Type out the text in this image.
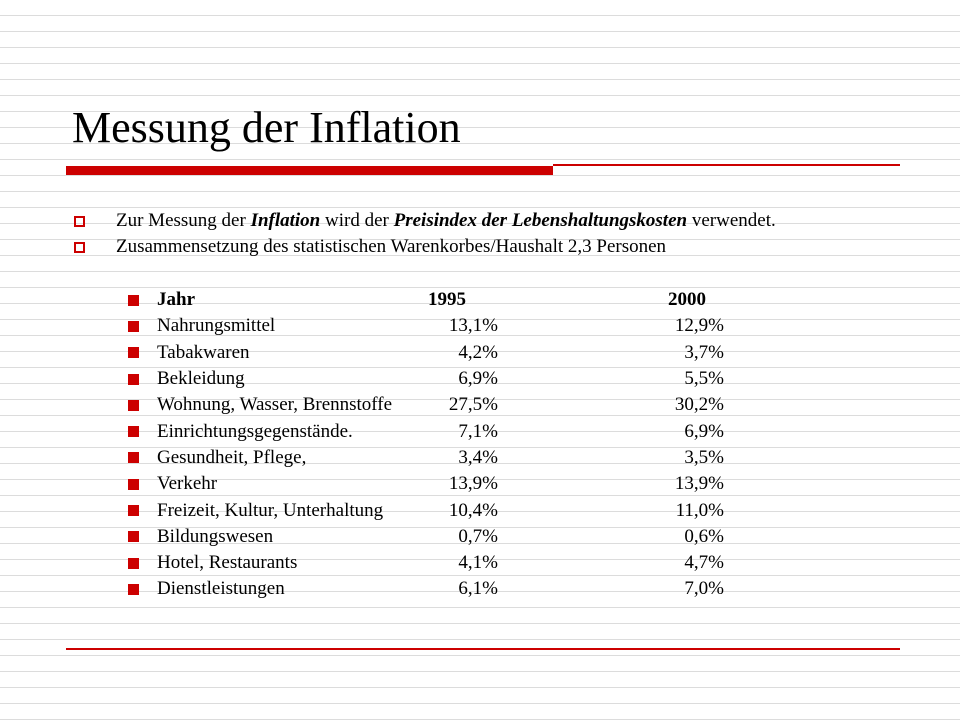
Messung der Inflation
Zur Messung der Inflation wird der Preisindex der Lebenshaltungskosten verwendet.
Zusammensetzung des statistischen Warenkorbes/Haushalt 2,3 Personen
Jahr	1995	2000
Nahrungsmittel	13,1%	12,9%
Tabakwaren	4,2%	3,7%
Bekleidung	6,9%	5,5%
Wohnung, Wasser, Brennstoffe	27,5%	30,2%
Einrichtungsgegenstände.	7,1%	6,9%
Gesundheit, Pflege,	3,4%	3,5%
Verkehr	13,9%	13,9%
Freizeit, Kultur, Unterhaltung	10,4%	11,0%
Bildungswesen	0,7%	0,6%
Hotel, Restaurants	4,1%	4,7%
Dienstleistungen	6,1%	7,0%
